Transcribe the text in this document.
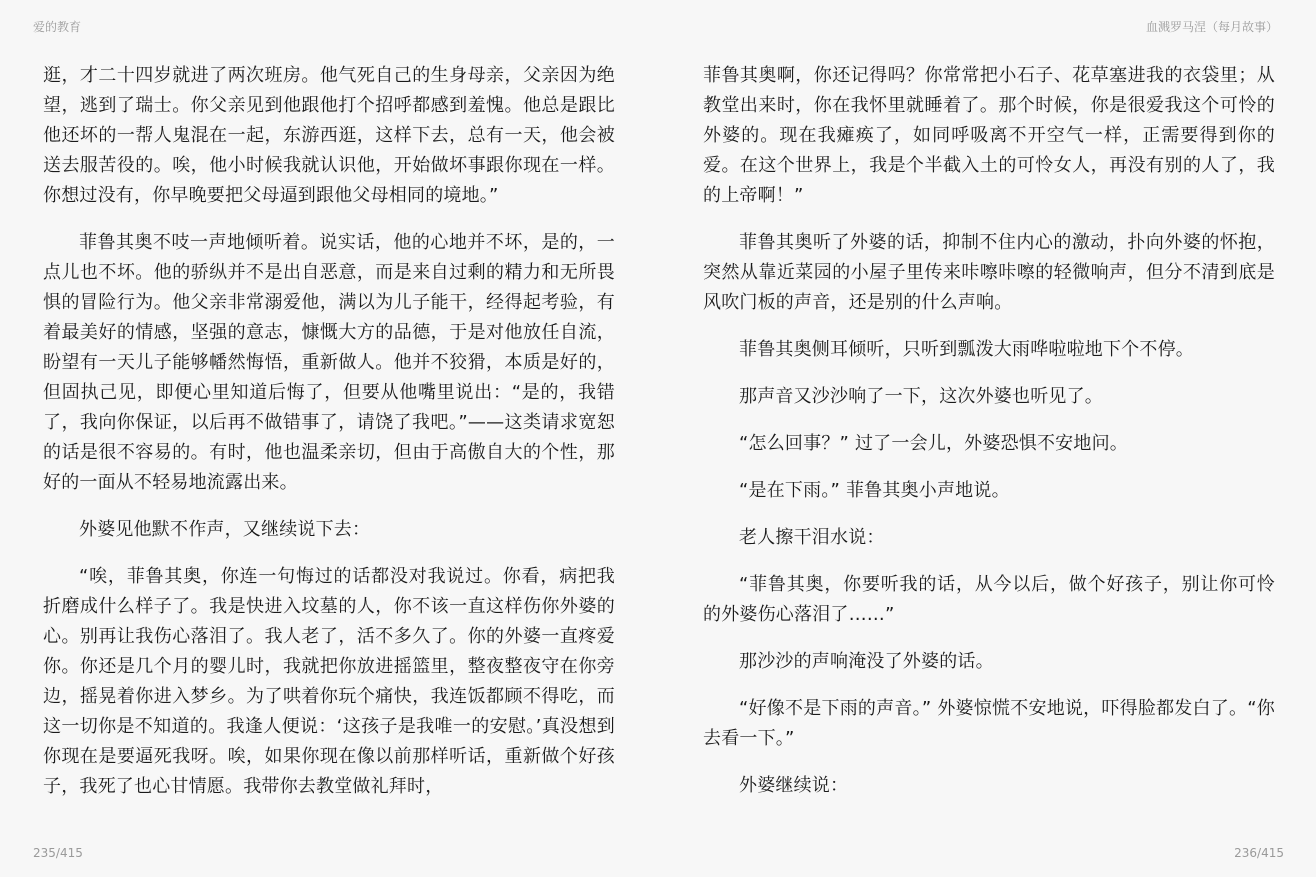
爱的教育	血溅罗马涅（每月故事）

逛，才二十四岁就进了两次班房。他气死自己的生身母亲，父亲因为绝望，逃到了瑞士。你父亲见到他跟他打个招呼都感到羞愧。他总是跟比他还坏的一帮人鬼混在一起，东游西逛，这样下去，总有一天，他会被送去服苦役的。唉，他小时候我就认识他，开始做坏事跟你现在一样。你想过没有，你早晚要把父母逼到跟他父母相同的境地。”

菲鲁其奥不吱一声地倾听着。说实话，他的心地并不坏，是的，一点儿也不坏。他的骄纵并不是出自恶意，而是来自过剩的精力和无所畏惧的冒险行为。他父亲非常溺爱他，满以为儿子能干，经得起考验，有着最美好的情感，坚强的意志，慷慨大方的品德，于是对他放任自流，盼望有一天儿子能够幡然悔悟，重新做人。他并不狡猾，本质是好的，但固执己见，即便心里知道后悔了，但要从他嘴里说出：“是的，我错了，我向你保证，以后再不做错事了，请饶了我吧。”——这类请求宽恕的话是很不容易的。有时，他也温柔亲切，但由于高傲自大的个性，那好的一面从不轻易地流露出来。

外婆见他默不作声，又继续说下去：

“唉，菲鲁其奥，你连一句悔过的话都没对我说过。你看，病把我折磨成什么样子了。我是快进入坟墓的人，你不该一直这样伤你外婆的心。别再让我伤心落泪了。我人老了，活不多久了。你的外婆一直疼爱你。你还是几个月的婴儿时，我就把你放进摇篮里，整夜整夜守在你旁边，摇晃着你进入梦乡。为了哄着你玩个痛快，我连饭都顾不得吃，而这一切你是不知道的。我逢人便说：‘这孩子是我唯一的安慰。’真没想到你现在是要逼死我呀。唉，如果你现在像以前那样听话，重新做个好孩子，我死了也心甘情愿。我带你去教堂做礼拜时，

菲鲁其奥啊，你还记得吗？你常常把小石子、花草塞进我的衣袋里；从教堂出来时，你在我怀里就睡着了。那个时候，你是很爱我这个可怜的外婆的。现在我瘫痪了，如同呼吸离不开空气一样，正需要得到你的爱。在这个世界上，我是个半截入土的可怜女人，再没有别的人了，我的上帝啊！”

菲鲁其奥听了外婆的话，抑制不住内心的激动，扑向外婆的怀抱，突然从靠近菜园的小屋子里传来咔嚓咔嚓的轻微响声，但分不清到底是风吹门板的声音，还是别的什么声响。

菲鲁其奥侧耳倾听，只听到瓢泼大雨哗啦啦地下个不停。

那声音又沙沙响了一下，这次外婆也听见了。

“怎么回事？” 过了一会儿，外婆恐惧不安地问。

“是在下雨。” 菲鲁其奥小声地说。

老人擦干泪水说：

“菲鲁其奥，你要听我的话，从今以后，做个好孩子，别让你可怜的外婆伤心落泪了……”

那沙沙的声响淹没了外婆的话。

“好像不是下雨的声音。” 外婆惊慌不安地说，吓得脸都发白了。“你去看一下。”

外婆继续说：

235/415	236/415
